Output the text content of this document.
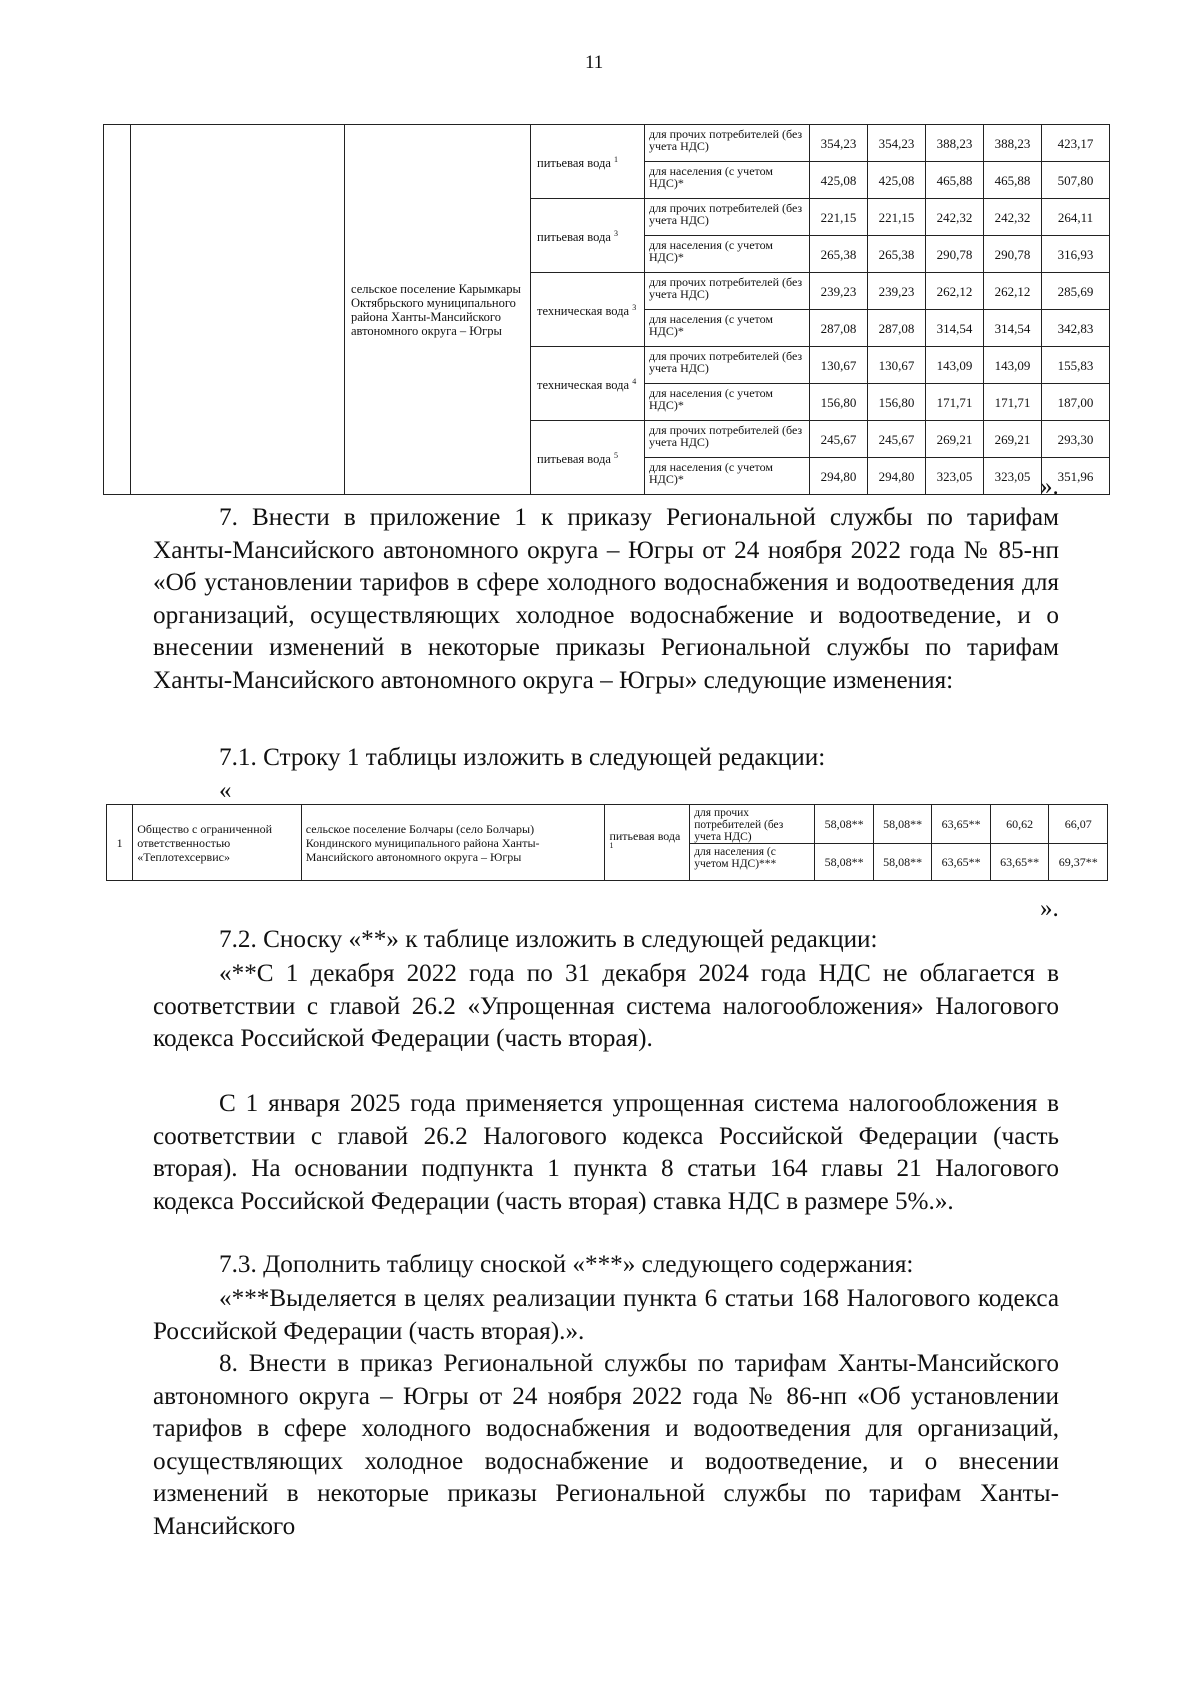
11
		сельское поселение Карымкары Октябрьского муниципального района Ханты-Мансийского автономного округа – Югры	питьевая вода $^1$	для прочих потребителей (без учета НДС)	354,23	354,23	388,23	388,23	423,17
				для населения (с учетом НДС)*	425,08	425,08	465,88	465,88	507,80
			питьевая вода $^3$	для прочих потребителей (без учета НДС)	221,15	221,15	242,32	242,32	264,11
				для населения (с учетом НДС)*	265,38	265,38	290,78	290,78	316,93
			техническая вода $^3$	для прочих потребителей (без учета НДС)	239,23	239,23	262,12	262,12	285,69
				для населения (с учетом НДС)*	287,08	287,08	314,54	314,54	342,83
			техническая вода $^4$	для прочих потребителей (без учета НДС)	130,67	130,67	143,09	143,09	155,83
				для населения (с учетом НДС)*	156,80	156,80	171,71	171,71	187,00
			питьевая вода $^5$	для прочих потребителей (без учета НДС)	245,67	245,67	269,21	269,21	293,30
				для населения (с учетом НДС)*	294,80	294,80	323,05	323,05	351,96
».

7. Внести в приложение 1 к приказу Региональной службы по тарифам Ханты-Мансийского автономного округа – Югры от 24 ноября 2022 года № 85-нп «Об установлении тарифов в сфере холодного водоснабжения и водоотведения для организаций, осуществляющих холодное водоснабжение и водоотведение, и о внесении изменений в некоторые приказы Региональной службы по тарифам Ханты-Мансийского автономного округа – Югры» следующие изменения:

7.1. Строку 1 таблицы изложить в следующей редакции:
«
1	Общество с ограниченной ответственностью «Теплотехсервис»	сельское поселение Болчары (село Болчары) Кондинского муниципального района Ханты-Мансийского автономного округа – Югры	питьевая вода $^1$	для прочих потребителей (без учета НДС)	58,08**	58,08**	63,65**	60,62	66,07
				для населения (с учетом НДС)***	58,08**	58,08**	63,65**	63,65**	69,37**
».
7.2. Сноску «**» к таблице изложить в следующей редакции:

«**С 1 декабря 2022 года по 31 декабря 2024 года НДС не облагается в соответствии с главой 26.2 «Упрощенная система налогообложения» Налогового кодекса Российской Федерации (часть вторая).

С 1 января 2025 года применяется упрощенная система налогообложения в соответствии с главой 26.2 Налогового кодекса Российской Федерации (часть вторая). На основании подпункта 1 пункта 8 статьи 164 главы 21 Налогового кодекса Российской Федерации (часть вторая) ставка НДС в размере 5%.».

7.3. Дополнить таблицу сноской «***» следующего содержания:

«***Выделяется в целях реализации пункта 6 статьи 168 Налогового кодекса Российской Федерации (часть вторая).».

8. Внести в приказ Региональной службы по тарифам Ханты-Мансийского автономного округа – Югры от 24 ноября 2022 года № 86-нп «Об установлении тарифов в сфере холодного водоснабжения и водоотведения для организаций, осуществляющих холодное водоснабжение и водоотведение, и о внесении изменений в некоторые приказы Региональной службы по тарифам Ханты-Мансийского
